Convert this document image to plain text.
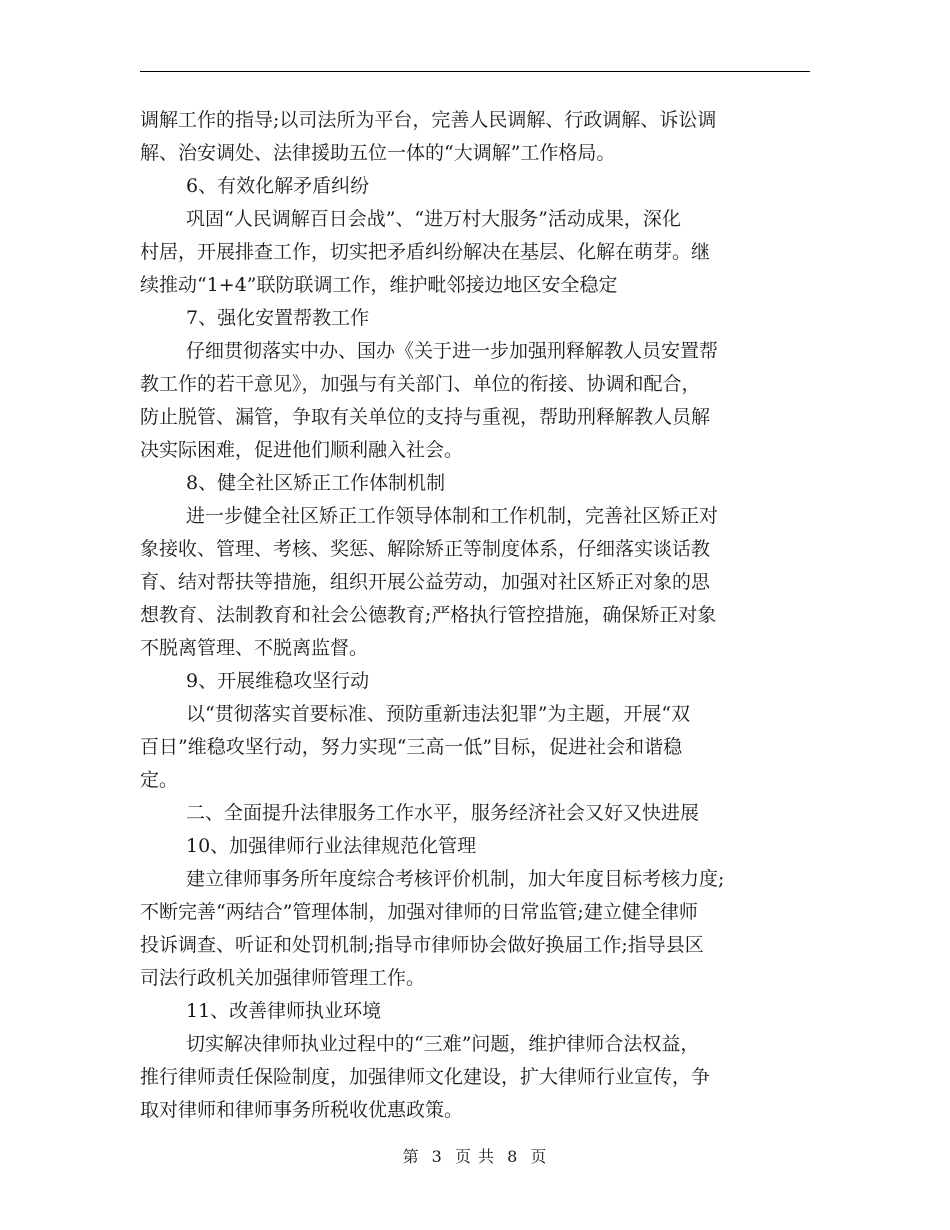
调解工作的指导;以司法所为平台，完善人民调解、行政调解、诉讼调
解、治安调处、法律援助五位一体的“大调解”工作格局。
6、有效化解矛盾纠纷
巩固“人民调解百日会战”、“进万村大服务”活动成果，深化
村居，开展排查工作，切实把矛盾纠纷解决在基层、化解在萌芽。继
续推动“1+4”联防联调工作，维护毗邻接边地区安全稳定
7、强化安置帮教工作
仔细贯彻落实中办、国办《关于进一步加强刑释解教人员安置帮
教工作的若干意见》，加强与有关部门、单位的衔接、协调和配合，
防止脱管、漏管，争取有关单位的支持与重视，帮助刑释解教人员解
决实际困难，促进他们顺利融入社会。
8、健全社区矫正工作体制机制
进一步健全社区矫正工作领导体制和工作机制，完善社区矫正对
象接收、管理、考核、奖惩、解除矫正等制度体系，仔细落实谈话教
育、结对帮扶等措施，组织开展公益劳动，加强对社区矫正对象的思
想教育、法制教育和社会公德教育;严格执行管控措施，确保矫正对象
不脱离管理、不脱离监督。
9、开展维稳攻坚行动
以“贯彻落实首要标准、预防重新违法犯罪”为主题，开展“双
百日”维稳攻坚行动，努力实现“三高一低”目标，促进社会和谐稳
定。
二、全面提升法律服务工作水平，服务经济社会又好又快进展
10、加强律师行业法律规范化管理
建立律师事务所年度综合考核评价机制，加大年度目标考核力度;
不断完善“两结合”管理体制，加强对律师的日常监管;建立健全律师
投诉调查、听证和处罚机制;指导市律师协会做好换届工作;指导县区
司法行政机关加强律师管理工作。
11、改善律师执业环境
切实解决律师执业过程中的“三难”问题，维护律师合法权益，
推行律师责任保险制度，加强律师文化建设，扩大律师行业宣传，争
取对律师和律师事务所税收优惠政策。
第 3 页 共 8 页
